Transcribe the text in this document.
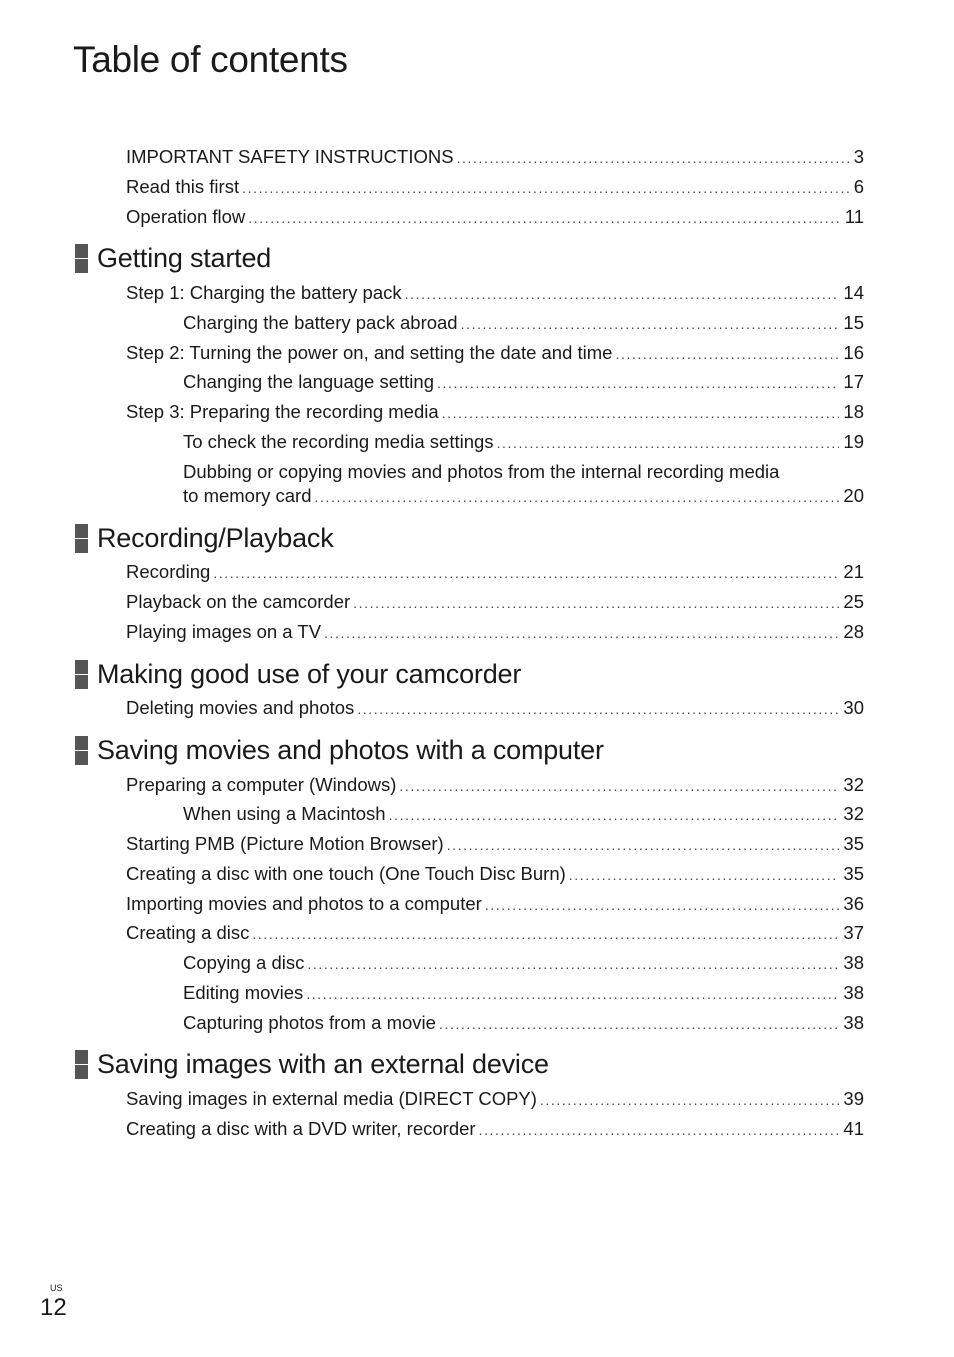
Table of contents
IMPORTANT SAFETY INSTRUCTIONS .....	3
Read this first .....	6
Operation flow .....	11
Getting started
Step 1: Charging the battery pack .....	14
Charging the battery pack abroad .....	15
Step 2: Turning the power on, and setting the date and time .....	16
Changing the language setting .....	17
Step 3: Preparing the recording media .....	18
To check the recording media settings .....	19
Dubbing or copying movies and photos from the internal recording media
to memory card .....	20
Recording/Playback
Recording .....	21
Playback on the camcorder .....	25
Playing images on a TV .....	28
Making good use of your camcorder
Deleting movies and photos .....	30
Saving movies and photos with a computer
Preparing a computer (Windows) .....	32
When using a Macintosh .....	32
Starting PMB (Picture Motion Browser) .....	35
Creating a disc with one touch (One Touch Disc Burn) .....	35
Importing movies and photos to a computer .....	36
Creating a disc .....	37
Copying a disc .....	38
Editing movies .....	38
Capturing photos from a movie .....	38
Saving images with an external device
Saving images in external media (DIRECT COPY) .....	39
Creating a disc with a DVD writer, recorder .....	41
US
12
